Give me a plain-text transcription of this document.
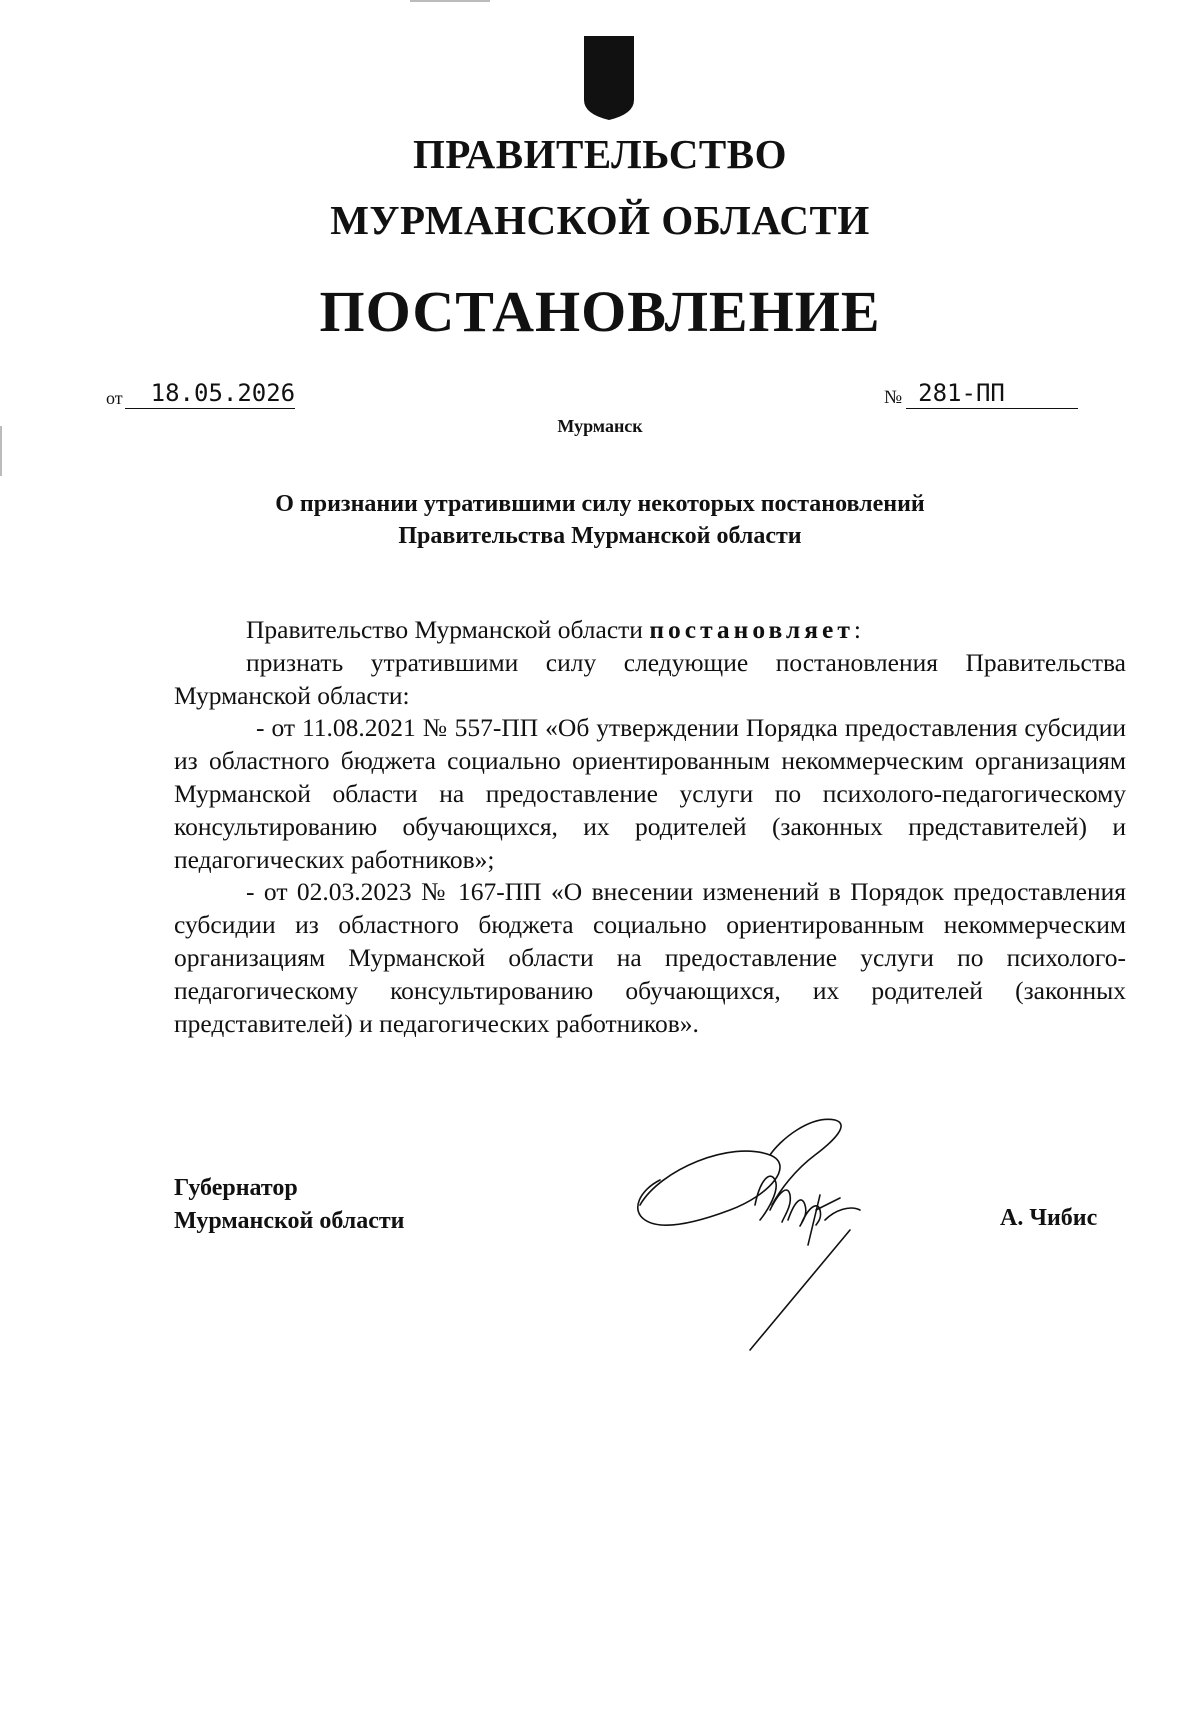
ПРАВИТЕЛЬСТВО
МУРМАНСКОЙ ОБЛАСТИ
ПОСТАНОВЛЕНИЕ
от 18.05.2026	№ 281-ПП
Мурманск
О признании утратившими силу некоторых постановлений
Правительства Мурманской области

Правительство Мурманской области постановляет:

признать утратившими силу следующие постановления Правительства Мурманской области:

- от 11.08.2021 № 557-ПП «Об утверждении Порядка предоставления субсидии из областного бюджета социально ориентированным некоммерческим организациям Мурманской области на предоставление услуги по психолого-педагогическому консультированию обучающихся, их родителей (законных представителей) и педагогических работников»;

- от 02.03.2023 № 167-ПП «О внесении изменений в Порядок предоставления субсидии из областного бюджета социально ориентированным некоммерческим организациям Мурманской области на предоставление услуги по психолого-педагогическому консультированию обучающихся, их родителей (законных представителей) и педагогических работников».

Губернатор
Мурманской области	А. Чибис
